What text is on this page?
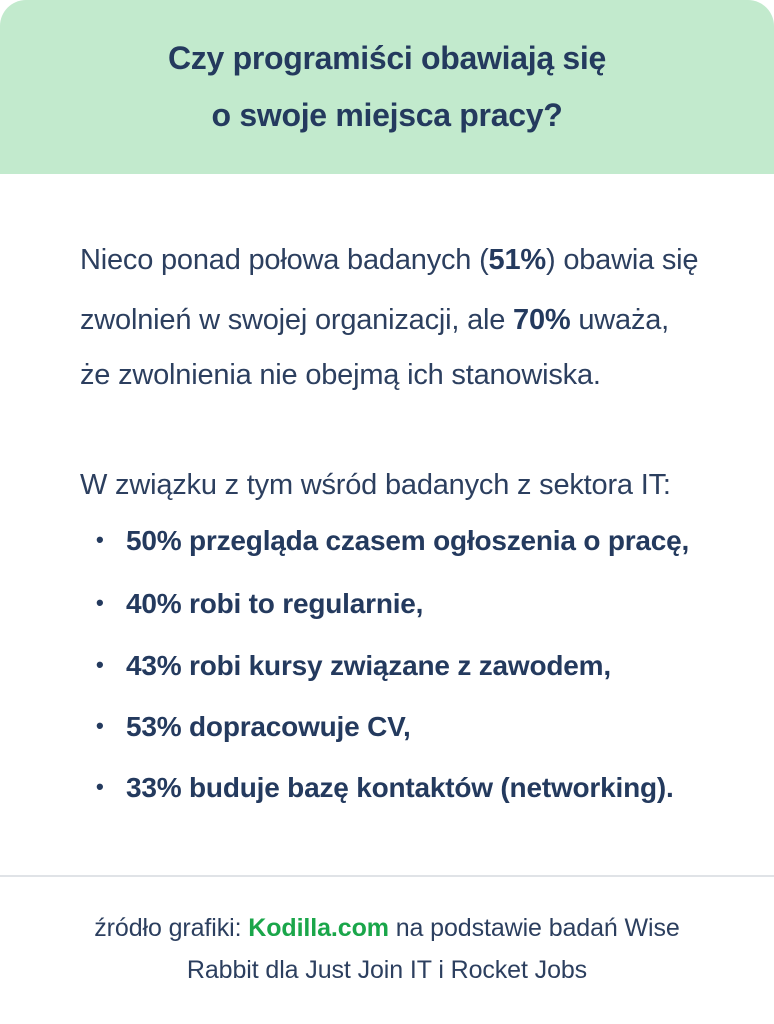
Czy programiści obawiają się
o swoje miejsca pracy?
Nieco ponad połowa badanych (51%) obawia się
zwolnień w swojej organizacji, ale 70% uważa,
że zwolnienia nie obejmą ich stanowiska.
W związku z tym wśród badanych z sektora IT:
• 50% przegląda czasem ogłoszenia o pracę,
• 40% robi to regularnie,
• 43% robi kursy związane z zawodem,
• 53% dopracowuje CV,
• 33% buduje bazę kontaktów (networking).
źródło grafiki: Kodilla.com na podstawie badań Wise
Rabbit dla Just Join IT i Rocket Jobs
